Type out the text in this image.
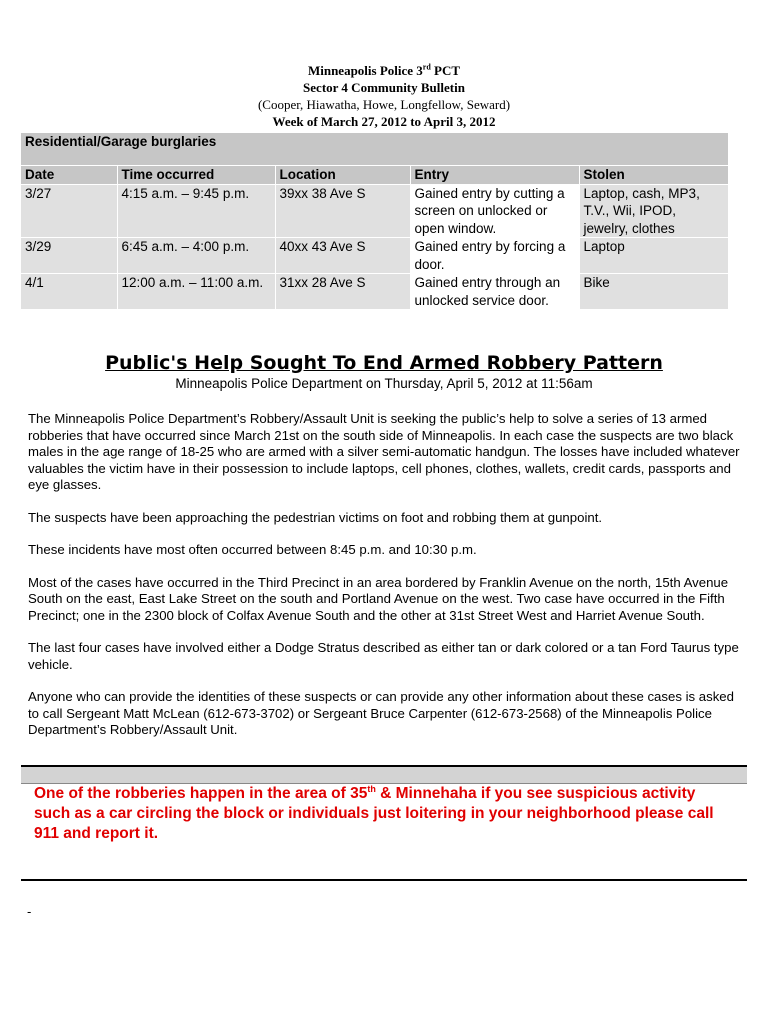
Minneapolis Police 3rd PCT
Sector 4 Community Bulletin
(Cooper, Hiawatha, Howe, Longfellow, Seward)
Week of March 27, 2012 to April 3, 2012
Residential/Garage burglaries				
Date	Time occurred	Location	Entry	Stolen
3/27	4:15 a.m. – 9:45 p.m.	39xx 38 Ave S	Gained entry by cutting a screen on unlocked or open window.	Laptop, cash, MP3, T.V., Wii, IPOD, jewelry, clothes
3/29	6:45 a.m. – 4:00 p.m.	40xx 43 Ave S	Gained entry by forcing a door.	Laptop
4/1	12:00 a.m. – 11:00 a.m.	31xx 28 Ave S	Gained entry through an unlocked service door.	Bike
Public's Help Sought To End Armed Robbery Pattern
Minneapolis Police Department on Thursday, April 5, 2012 at 11:56am

The Minneapolis Police Department’s Robbery/Assault Unit is seeking the public’s help to solve a series of 13 armed robberies that have occurred since March 21st on the south side of Minneapolis. In each case the suspects are two black males in the age range of 18-25 who are armed with a silver semi-automatic handgun. The losses have included whatever valuables the victim have in their possession to include laptops, cell phones, clothes, wallets, credit cards, passports and eye glasses.

The suspects have been approaching the pedestrian victims on foot and robbing them at gunpoint.

These incidents have most often occurred between 8:45 p.m. and 10:30 p.m.

Most of the cases have occurred in the Third Precinct in an area bordered by Franklin Avenue on the north, 15th Avenue South on the east, East Lake Street on the south and Portland Avenue on the west. Two case have occurred in the Fifth Precinct; one in the 2300 block of Colfax Avenue South and the other at 31st Street West and Harriet Avenue South.

The last four cases have involved either a Dodge Stratus described as either tan or dark colored or a tan Ford Taurus type vehicle.

Anyone who can provide the identities of these suspects or can provide any other information about these cases is asked to call Sergeant Matt McLean (612-673-3702) or Sergeant Bruce Carpenter (612-673-2568) of the Minneapolis Police Department’s Robbery/Assault Unit.

One of the robberies happen in the area of 35th & Minnehaha if you see suspicious activity such as a car circling the block or individuals just loitering in your neighborhood please call 911 and report it.
-
